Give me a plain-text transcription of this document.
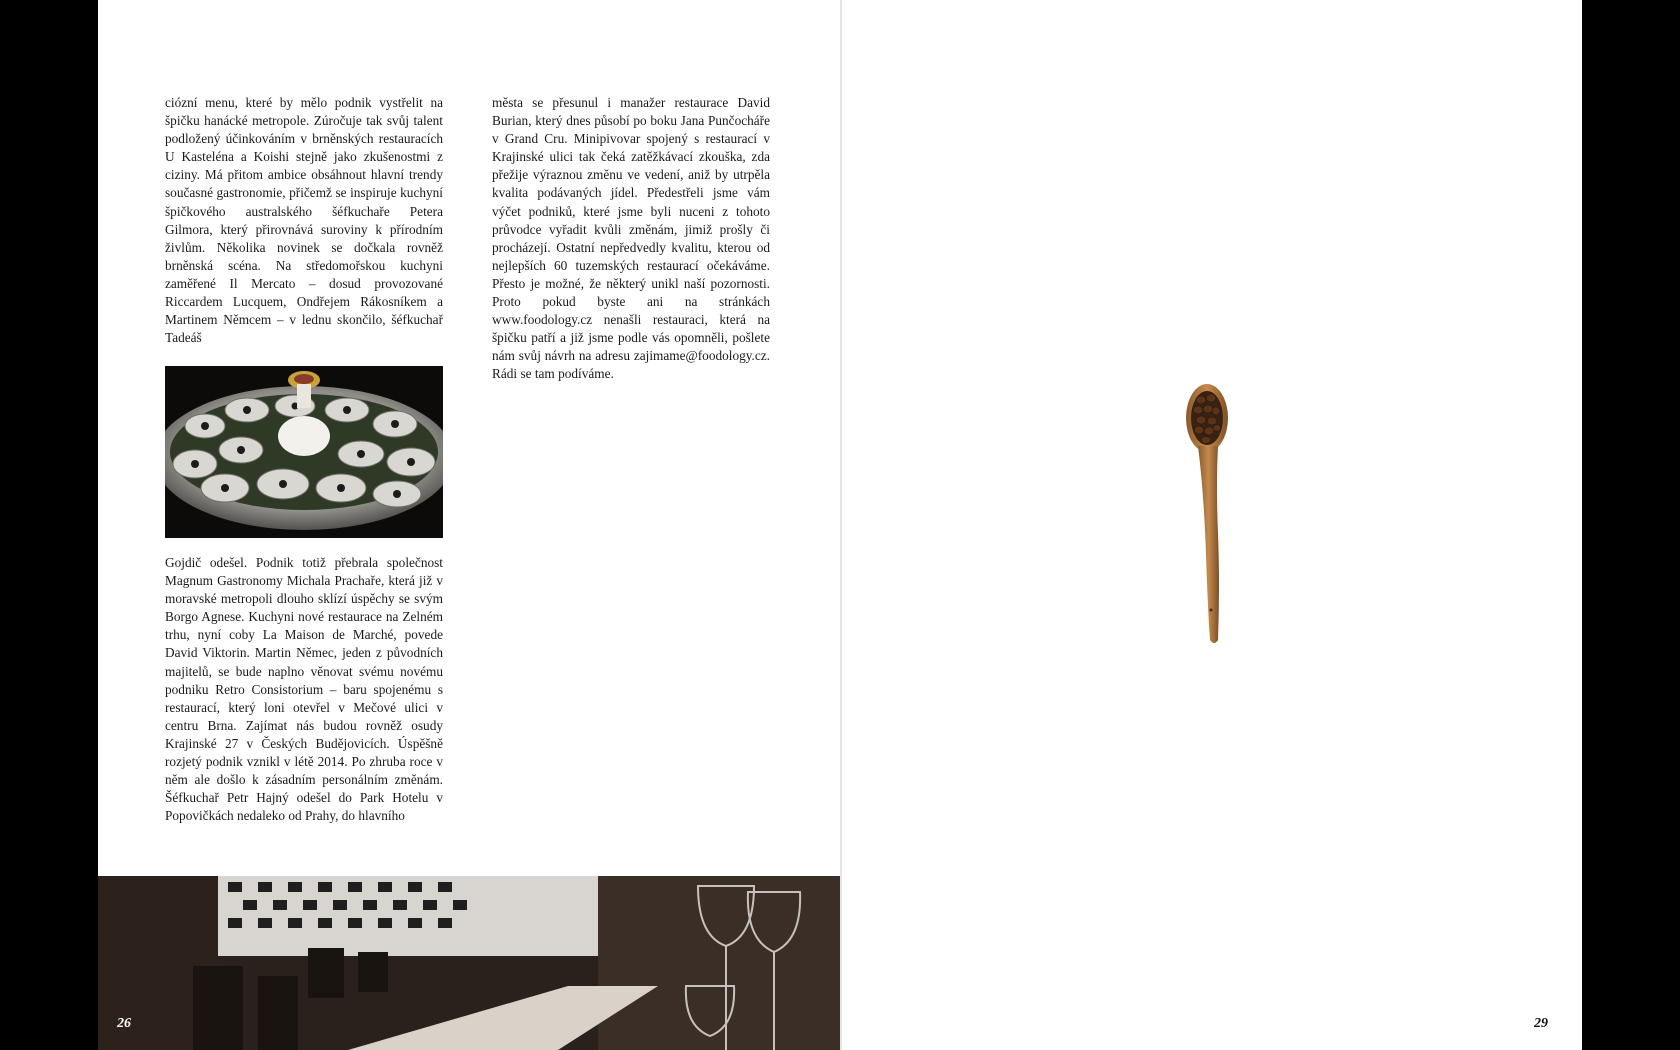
ciózní menu, které by mělo podnik vystřelit na špičku hanácké metropole. Zúročuje tak svůj talent podložený účinkováním v brněnských restauracích U Kasteléna a Koishi stejně jako zkušenostmi z ciziny. Má přitom ambice obsáhnout hlavní trendy současné gastronomie, přičemž se inspiruje kuchyní špičkového australského šéfkuchaře Petera Gilmora, který přirovnává suroviny k přírodním živlům. Několika novinek se dočkala rovněž brněnská scéna. Na středomořskou kuchyni zaměřené Il Mercato – dosud provozované Riccardem Lucquem, Ondřejem Rákosníkem a Martinem Němcem – v lednu skončilo, šéfkuchař Tadeáš

Gojdič odešel. Podnik totiž přebrala společnost Magnum Gastronomy Michala Prachaře, která již v moravské metropoli dlouho sklízí úspěchy se svým Borgo Agnese. Kuchyni nové restaurace na Zelném trhu, nyní coby La Maison de Marché, povede David Viktorin. Martin Němec, jeden z původních majitelů, se bude naplno věnovat svému novému podniku Retro Consistorium – baru spojenému s restaurací, který loni otevřel v Mečové ulici v centru Brna. Zajímat nás budou rovněž osudy Krajinské 27 v Českých Budějovicích. Úspěšně rozjetý podnik vznikl v létě 2014. Po zhruba roce v něm ale došlo k zásadním personálním změnám. Šéfkuchař Petr Hajný odešel do Park Hotelu v Popovičkách nedaleko od Prahy, do hlavního

města se přesunul i manažer restaurace David Burian, který dnes působí po boku Jana Punčocháře v Grand Cru. Minipivovar spojený s restaurací v Krajinské ulici tak čeká zatěžkávací zkouška, zda přežije výraznou změnu ve vedení, aniž by utrpěla kvalita podávaných jídel. Předestřeli jsme vám výčet podniků, které jsme byli nuceni z tohoto průvodce vyřadit kvůli změnám, jimiž prošly či procházejí. Ostatní nepředvedly kvalitu, kterou od nejlepších 60 tuzemských restaurací očekáváme. Přesto je možné, že některý unikl naší pozornosti. Proto pokud byste ani na stránkách www.foodology.cz nenašli restauraci, která na špičku patří a již jsme podle vás opomněli, pošlete nám svůj návrh na adresu zajimame@foodology.cz. Rádi se tam podíváme.

26	29
